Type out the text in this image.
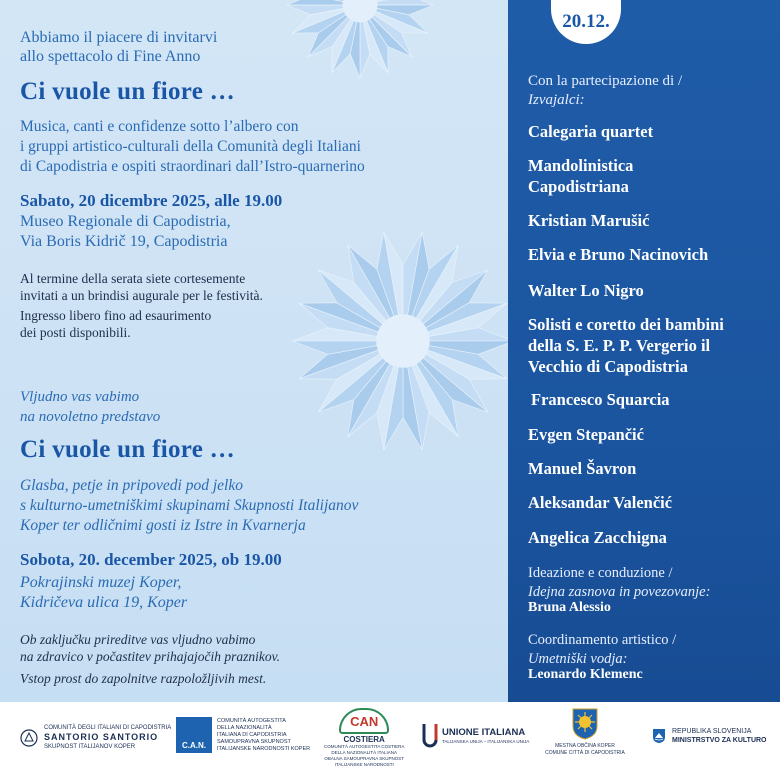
Abbiamo il piacere di invitarvi
allo spettacolo di Fine Anno
Ci vuole un fiore …
Musica, canti e confidenze sotto l’albero con
i gruppi artistico-culturali della Comunità degli Italiani
di Capodistria e ospiti straordinari dall’Istro-quarnerino
Sabato, 20 dicembre 2025, alle 19.00
Museo Regionale di Capodistria,
Via Boris Kidrič 19, Capodistria
Al termine della serata siete cortesemente
invitati a un brindisi augurale per le festività.
Ingresso libero fino ad esaurimento
dei posti disponibili.
Vljudno vas vabimo
na novoletno predstavo
Ci vuole un fiore …
Glasba, petje in pripovedi pod jelko
s kulturno-umetniškimi skupinami Skupnosti Italijanov
Koper ter odličnimi gosti iz Istre in Kvarnerja
Sobota, 20. december 2025, ob 19.00
Pokrajinski muzej Koper,
Kidričeva ulica 19, Koper
Ob zaključku prireditve vas vljudno vabimo
na zdravico v počastitev prihajajočih praznikov.
Vstop prost do zapolnitve razpoložljivih mest.
20.12.
Con la partecipazione di /
Izvajalci:
Calegaria quartet
Mandolinistica
Capodistriana
Kristian Marušić
Elvia e Bruno Nacinovich
Walter Lo Nigro
Solisti e coretto dei bambini
della S. E. P. P. Vergerio il
Vecchio di Capodistria
Francesco Squarcia
Evgen Stepančić
Manuel Šavron
Aleksandar Valenčić
Angelica Zacchigna
Ideazione e conduzione /
Idejna zasnova in povezovanje:
Bruna Alessio
Coordinamento artistico /
Umetniški vodja:
Leonardo Klemenc
COMUNITÀ DEGLI ITALIANI DI CAPODISTRIA
SANTORIO SANTORIO
SKUPNOST ITALIJANOV KOPER	C.A.N.
COMUNITÀ AUTOGESTITA
DELLA NAZIONALITÀ
ITALIANA DI CAPODISTRIA
SAMOUPRAVNA SKUPNOST
ITALIJANSKE NARODNOSTI KOPER
CAN
COSTIERA
COMUNITÀ AUTOGESTITA COSTIERA
DELLA NAZIONALITÀ ITALIANA
OBALNA SAMOUPRAVNA SKUPNOST
ITALIJANSKE NARODNOSTI
UNIONE ITALIANA
TALIJANSKA UNIJA – ITALIJANSKA UNIJA
MESTNA OBČINA KOPER
COMUNE CITTÀ DI CAPODISTRIA
REPUBLIKA SLOVENIJA
MINISTRSTVO ZA KULTURO
